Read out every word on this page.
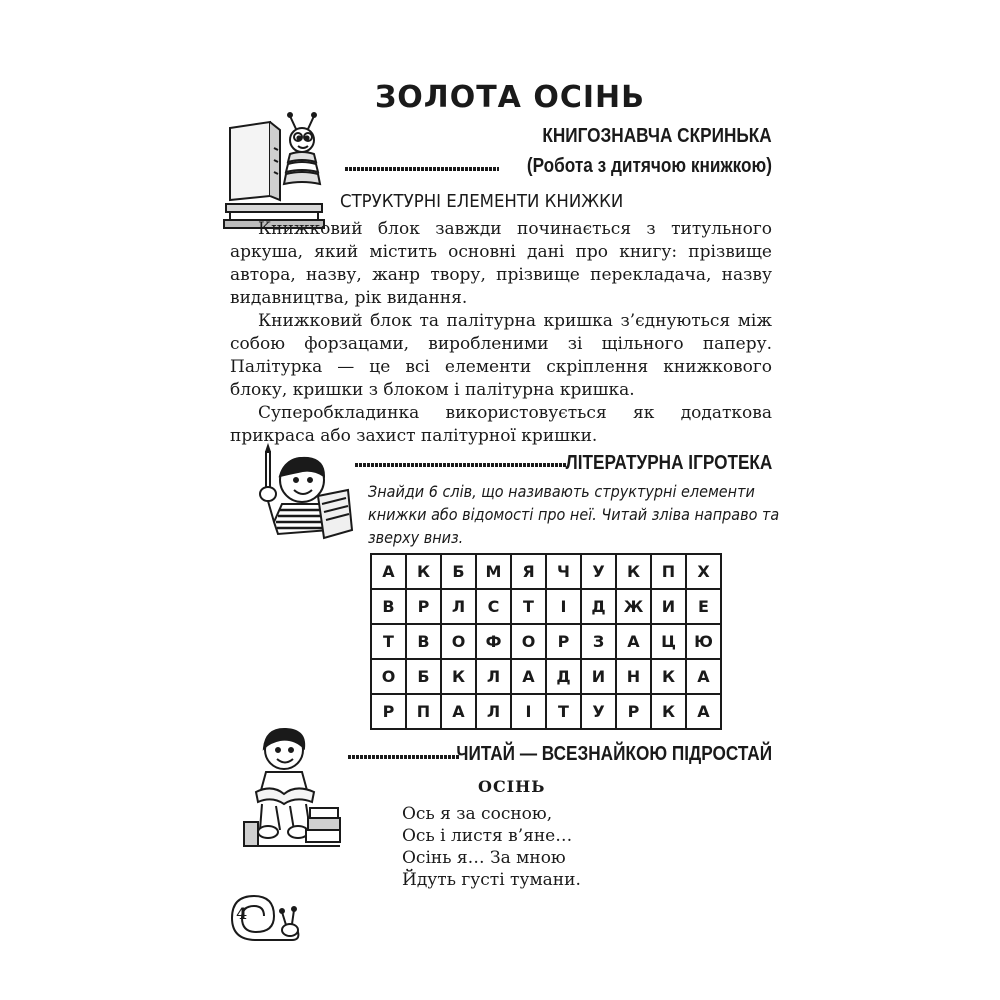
ЗОЛОТА ОСІНЬ
КНИГОЗНАВЧА СКРИНЬКА
(Робота з дитячою книжкою)
СТРУКТУРНІ ЕЛЕМЕНТИ КНИЖКИ

Книжковий блок завжди починається з титульного аркуша, який містить основні дані про книгу: прізвище автора, назву, жанр твору, прізвище перекладача, назву видавництва, рік видання.

Книжковий блок та палітурна кришка з’єднуються між собою форзацами, виробленими зі щільного паперу. Палітурка — це всі елементи скріплення книжкового блоку, кришки з блоком і палітурна кришка.

Суперобкладинка використовується як додаткова прикраса або захист палітурної кришки.

ЛІТЕРАТУРНА ІГРОТЕКА
Знайди 6 слів, що називають структурні елементи книжки або відомості про неї. Читай зліва направо та зверху вниз.
А	К	Б	М	Я	Ч	У	К	П	Х
В	Р	Л	С	Т	І	Д	Ж	И	Е
Т	В	О	Ф	О	Р	З	А	Ц	Ю
О	Б	К	Л	А	Д	И	Н	К	А
Р	П	А	Л	І	Т	У	Р	К	А
ЧИТАЙ — ВСЕЗНАЙКОЮ ПІДРОСТАЙ
ОСІНЬ
Ось я за сосною,
Ось і листя в’яне…
Осінь я… За мною
Йдуть густі тумани.
4
